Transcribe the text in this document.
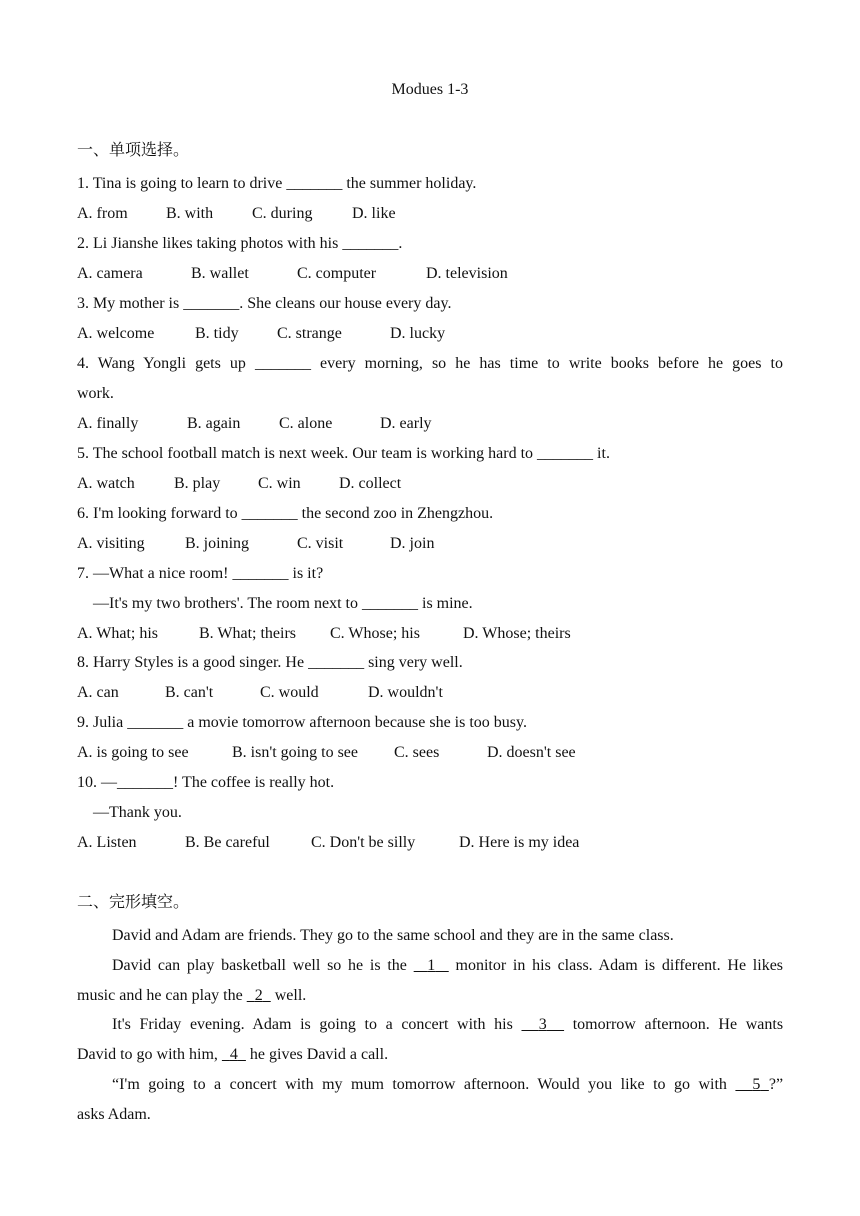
Modues 1-3
一、单项选择。
1. Tina is going to learn to drive _______ the summer holiday.
A. from B. with C. during D. like
2. Li Jianshe likes taking photos with his _______.
A. camera	B. wallet	C. computer	D. television
3. My mother is _______. She cleans our house every day.
A. welcome	B. tidy C. strange	D. lucky
4. Wang Yongli gets up _______ every morning, so he has time to write books before he goes to
work.
A. finally	B. again C. alone	D. early
5. The school football match is next week. Our team is working hard to _______ it.
A. watch B. play C. win D. collect
6. I'm looking forward to _______ the second zoo in Zhengzhou.
A. visiting	B. joining	C. visit	D. join
7. —What a nice room! _______ is it?
—It's my two brothers'. The room next to _______ is mine.
A. What; his	B. What; theirs C. Whose; his	D. Whose; theirs
8. Harry Styles is a good singer. He _______ sing very well.
A. can	B. can't	C. would	D. wouldn't
9. Julia _______ a movie tomorrow afternoon because she is too busy.
A. is going to see	B. isn't going to see C. sees	D. doesn't see
10. —_______! The coffee is really hot.
—Thank you.
A. Listen	B. Be careful	C. Don't be silly	D. Here is my idea
二、完形填空。
David and Adam are friends. They go to the same school and they are in the same class.
David can play basketball well so he is the 1 monitor in his class. Adam is different. He likes
music and he can play the 2 well.
It's Friday evening. Adam is going to a concert with his 3 tomorrow afternoon. He wants
David to go with him, 4 he gives David a call.
“I'm going to a concert with my mum tomorrow afternoon. Would you like to go with 5 ?”
asks Adam.
